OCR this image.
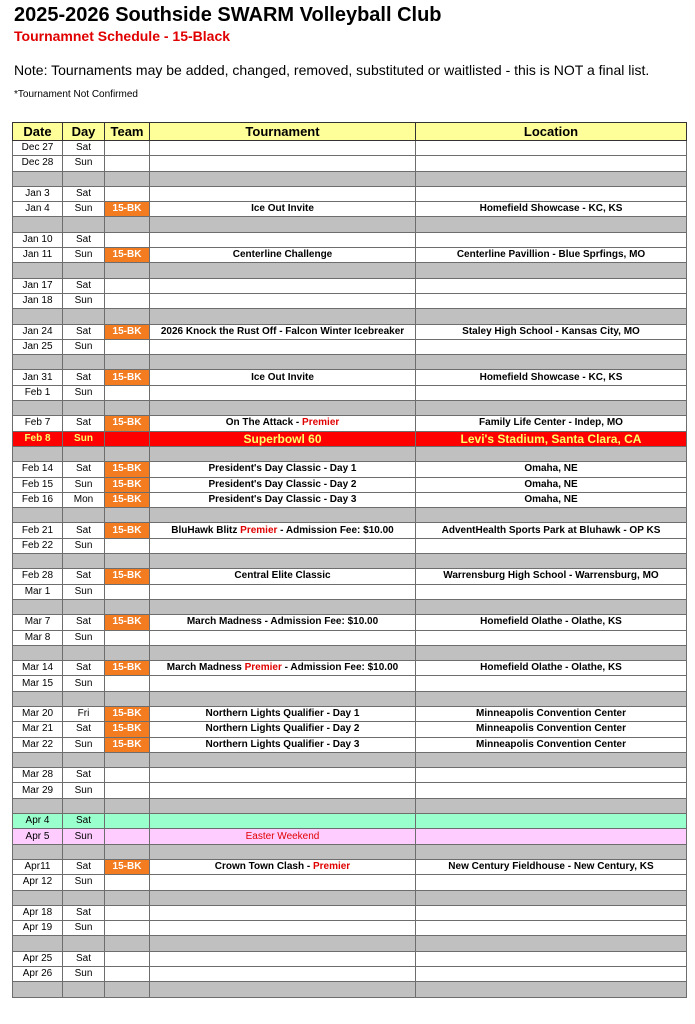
2025-2026 Southside SWARM Volleyball Club
Tournamnet Schedule - 15-Black
Note: Tournaments may be added, changed, removed, substituted or waitlisted - this is NOT a final list.
*Tournament Not Confirmed
Date	Day	Team	Tournament	Location
Dec 27	Sat			
Dec 28	Sun			

Jan 3	Sat			
Jan 4	Sun	15-BK	Ice Out Invite	Homefield Showcase - KC, KS

Jan 10	Sat			
Jan 11	Sun	15-BK	Centerline Challenge	Centerline Pavillion - Blue Sprfings, MO

Jan 17	Sat			
Jan 18	Sun			

Jan 24	Sat	15-BK	2026 Knock the Rust Off - Falcon Winter Icebreaker	Staley High School - Kansas City, MO
Jan 25	Sun			

Jan 31	Sat	15-BK	Ice Out Invite	Homefield Showcase - KC, KS
Feb 1	Sun			

Feb 7	Sat	15-BK	On The Attack - Premier	Family Life Center - Indep, MO
Feb 8	Sun		Superbowl 60	Levi's Stadium, Santa Clara, CA

Feb 14	Sat	15-BK	President's Day Classic - Day 1	Omaha, NE
Feb 15	Sun	15-BK	President's Day Classic - Day 2	Omaha, NE
Feb 16	Mon	15-BK	President's Day Classic - Day 3	Omaha, NE

Feb 21	Sat	15-BK	BluHawk Blitz Premier - Admission Fee: $10.00	AdventHealth Sports Park at Bluhawk - OP KS
Feb 22	Sun			

Feb 28	Sat	15-BK	Central Elite Classic	Warrensburg High School - Warrensburg, MO
Mar 1	Sun			

Mar 7	Sat	15-BK	March Madness - Admission Fee: $10.00	Homefield Olathe - Olathe, KS
Mar 8	Sun			

Mar 14	Sat	15-BK	March Madness Premier - Admission Fee: $10.00	Homefield Olathe - Olathe, KS
Mar 15	Sun			

Mar 20	Fri	15-BK	Northern Lights Qualifier - Day 1	Minneapolis Convention Center
Mar 21	Sat	15-BK	Northern Lights Qualifier - Day 2	Minneapolis Convention Center
Mar 22	Sun	15-BK	Northern Lights Qualifier - Day 3	Minneapolis Convention Center

Mar 28	Sat			
Mar 29	Sun			

Apr 4	Sat			
Apr 5	Sun		Easter Weekend	

Apr11	Sat	15-BK	Crown Town Clash - Premier	New Century Fieldhouse - New Century, KS
Apr 12	Sun			

Apr 18	Sat			
Apr 19	Sun			

Apr 25	Sat			
Apr 26	Sun			
